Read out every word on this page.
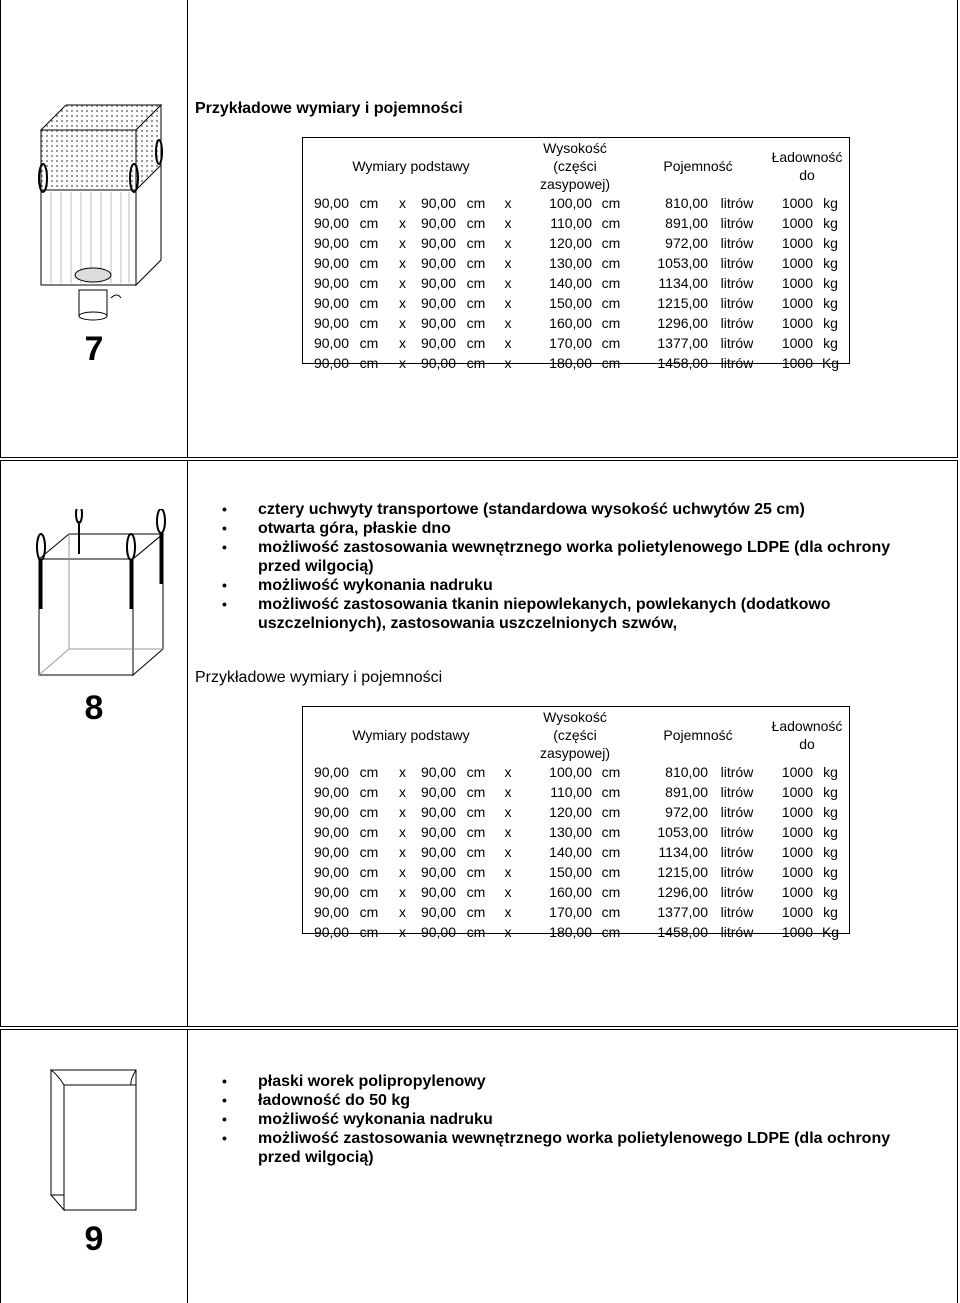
7
Przykładowe wymiary i pojemności
Wymiary podstawy						Wysokość (części zasypowej)		Pojemność		Ładowność do	
90,00	cm	x	90,00	cm	x	100,00	cm	810,00	litrów	1000	kg
90,00	cm	x	90,00	cm	x	110,00	cm	891,00	litrów	1000	kg
90,00	cm	x	90,00	cm	x	120,00	cm	972,00	litrów	1000	kg
90,00	cm	x	90,00	cm	x	130,00	cm	1053,00	litrów	1000	kg
90,00	cm	x	90,00	cm	x	140,00	cm	1134,00	litrów	1000	kg
90,00	cm	x	90,00	cm	x	150,00	cm	1215,00	litrów	1000	kg
90,00	cm	x	90,00	cm	x	160,00	cm	1296,00	litrów	1000	kg
90,00	cm	x	90,00	cm	x	170,00	cm	1377,00	litrów	1000	kg
90,00	cm	x	90,00	cm	x	180,00	cm	1458,00	litrów	1000	Kg
8
• cztery uchwyty transportowe (standardowa wysokość uchwytów 25 cm)
• otwarta góra, płaskie dno
• możliwość zastosowania wewnętrznego worka polietylenowego LDPE (dla ochrony przed wilgocią)
• możliwość wykonania nadruku
• możliwość zastosowania tkanin niepowlekanych, powlekanych (dodatkowo uszczelnionych), zastosowania uszczelnionych szwów,
Przykładowe wymiary i pojemności
Wymiary podstawy						Wysokość (części zasypowej)		Pojemność		Ładowność do	
90,00	cm	x	90,00	cm	x	100,00	cm	810,00	litrów	1000	kg
90,00	cm	x	90,00	cm	x	110,00	cm	891,00	litrów	1000	kg
90,00	cm	x	90,00	cm	x	120,00	cm	972,00	litrów	1000	kg
90,00	cm	x	90,00	cm	x	130,00	cm	1053,00	litrów	1000	kg
90,00	cm	x	90,00	cm	x	140,00	cm	1134,00	litrów	1000	kg
90,00	cm	x	90,00	cm	x	150,00	cm	1215,00	litrów	1000	kg
90,00	cm	x	90,00	cm	x	160,00	cm	1296,00	litrów	1000	kg
90,00	cm	x	90,00	cm	x	170,00	cm	1377,00	litrów	1000	kg
90,00	cm	x	90,00	cm	x	180,00	cm	1458,00	litrów	1000	Kg
9
• płaski worek polipropylenowy
• ładowność do 50 kg
• możliwość wykonania nadruku
• możliwość zastosowania wewnętrznego worka polietylenowego LDPE (dla ochrony przed wilgocią)
